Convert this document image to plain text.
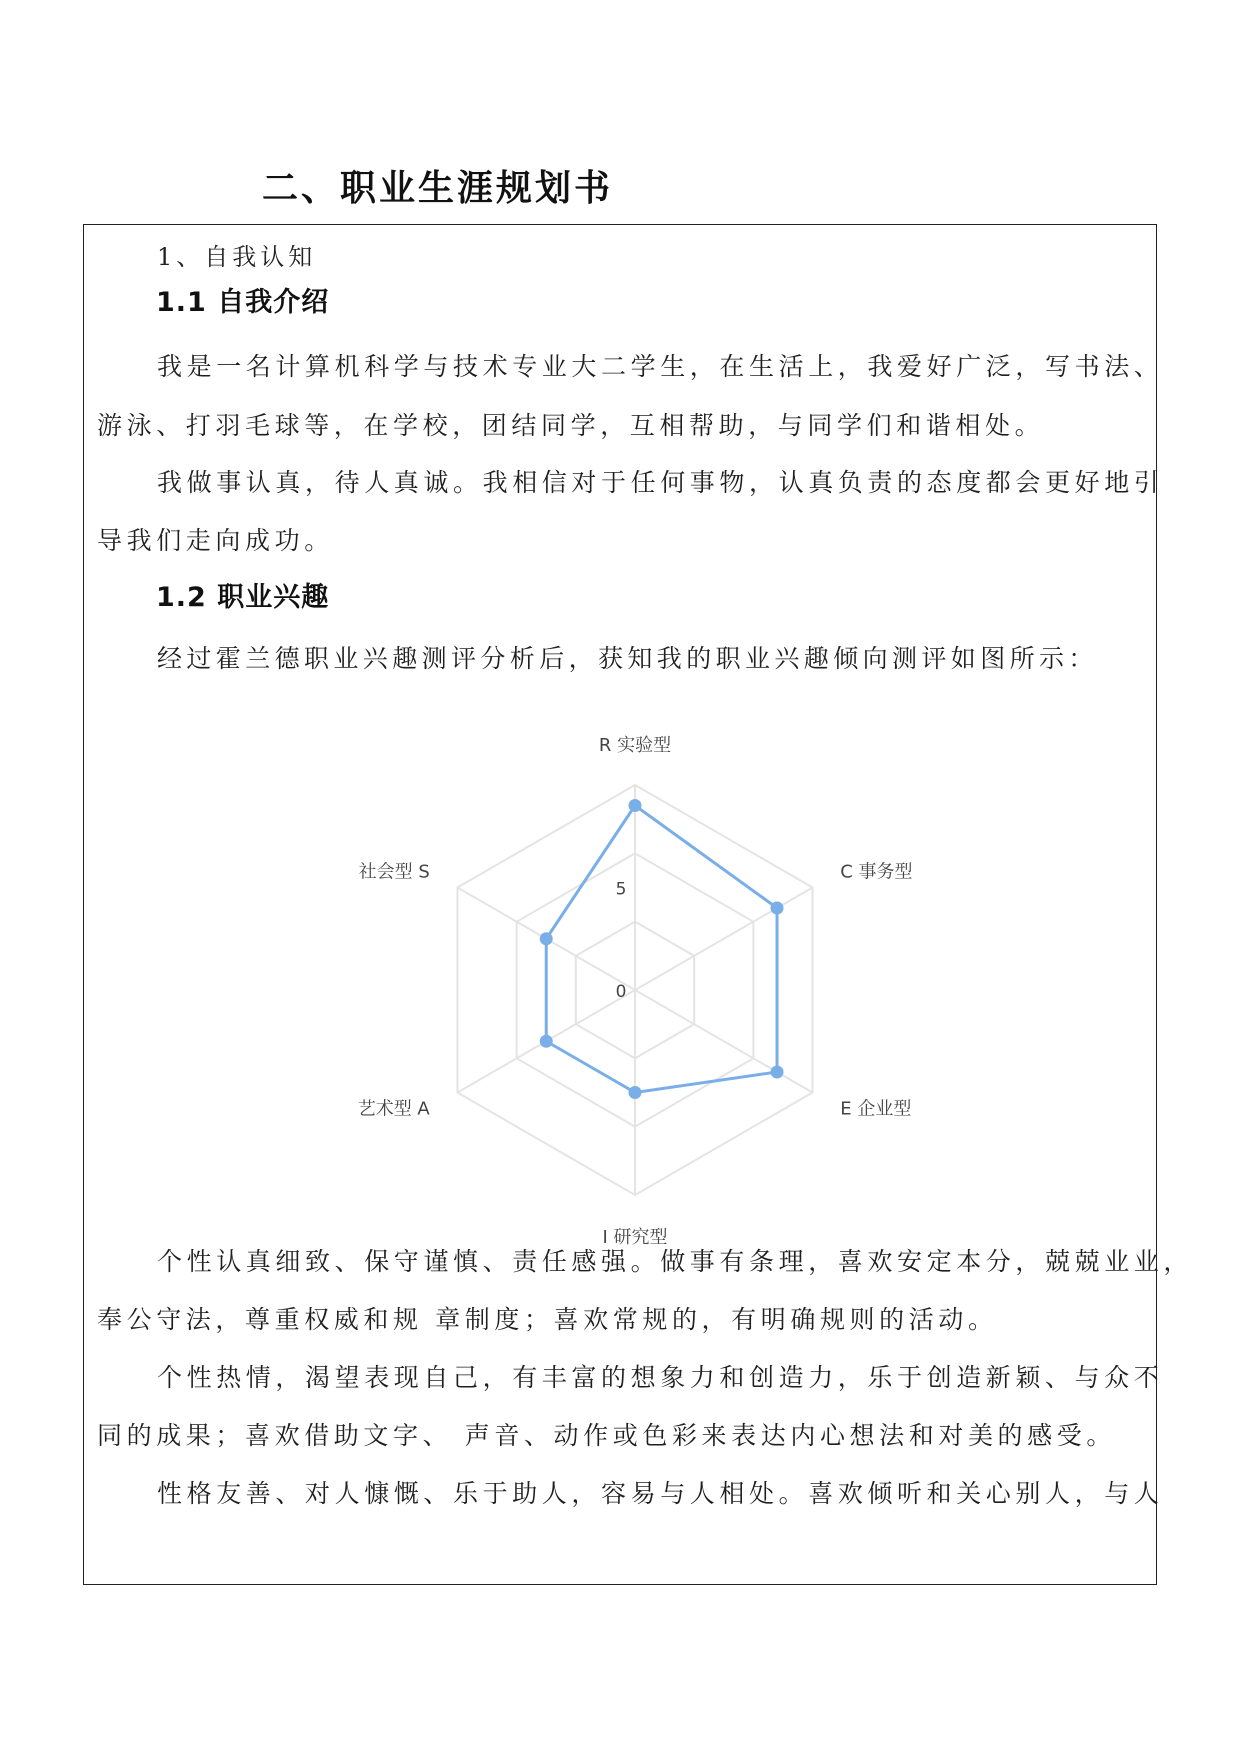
二、职业生涯规划书
1、自我认知
1.1 自我介绍
我是一名计算机科学与技术专业大二学生，在生活上，我爱好广泛，写书法、
游泳、打羽毛球等，在学校，团结同学，互相帮助，与同学们和谐相处。
我做事认真，待人真诚。我相信对于任何事物，认真负责的态度都会更好地引
导我们走向成功。
1.2 职业兴趣
经过霍兰德职业兴趣测评分析后，获知我的职业兴趣倾向测评如图所示：
个性认真细致、保守谨慎、责任感强。做事有条理，喜欢安定本分，兢兢业业，
奉公守法，尊重权威和规 章制度；喜欢常规的，有明确规则的活动。
个性热情，渴望表现自己，有丰富的想象力和创造力，乐于创造新颖、与众不
同的成果；喜欢借助文字、 声音、动作或色彩来表达内心想法和对美的感受。
性格友善、对人慷慨、乐于助人，容易与人相处。喜欢倾听和关心别人，与人
0
5
R 实验型
C 事务型
E 企业型
I 研究型
艺术型 A
社会型 S
